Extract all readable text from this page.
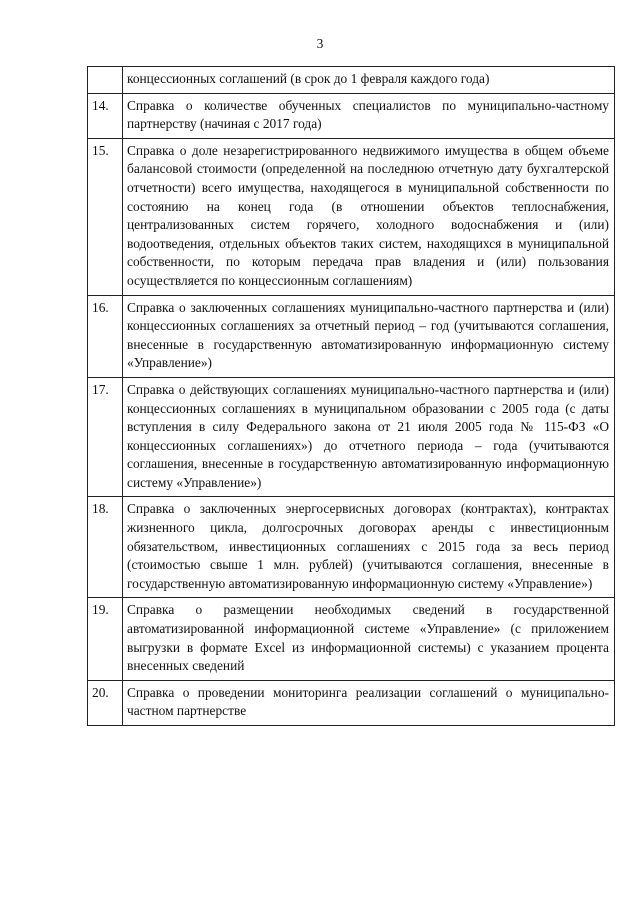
3
	концессионных соглашений (в срок до 1 февраля каждого года)
14.	Справка о количестве обученных специалистов по муниципально-частному партнерству (начиная с 2017 года)
15.	Справка о доле незарегистрированного недвижимого имущества в общем объеме балансовой стоимости (определенной на последнюю отчетную дату бухгалтерской отчетности) всего имущества, находящегося в муниципальной собственности по состоянию на конец года (в отношении объектов теплоснабжения, централизованных систем горячего, холодного водоснабжения и (или) водоотведения, отдельных объектов таких систем, находящихся в муниципальной собственности, по которым передача прав владения и (или) пользования осуществляется по концессионным соглашениям)
16.	Справка о заключенных соглашениях муниципально-частного партнерства и (или) концессионных соглашениях за отчетный период – год (учитываются соглашения, внесенные в государственную автоматизированную информационную систему «Управление»)
17.	Справка о действующих соглашениях муниципально-частного партнерства и (или) концессионных соглашениях в муниципальном образовании с 2005 года (с даты вступления в силу Федерального закона от 21 июля 2005 года № 115-ФЗ «О концессионных соглашениях») до отчетного периода – года (учитываются соглашения, внесенные в государственную автоматизированную информационную систему «Управление»)
18.	Справка о заключенных энергосервисных договорах (контрактах), контрактах жизненного цикла, долгосрочных договорах аренды с инвестиционным обязательством, инвестиционных соглашениях с 2015 года за весь период (стоимостью свыше 1 млн. рублей) (учитываются соглашения, внесенные в государственную автоматизированную информационную систему «Управление»)
19.	Справка о размещении необходимых сведений в государственной автоматизированной информационной системе «Управление» (с приложением выгрузки в формате Excel из информационной системы) с указанием процента внесенных сведений
20.	Справка о проведении мониторинга реализации соглашений о муниципально-частном партнерстве
